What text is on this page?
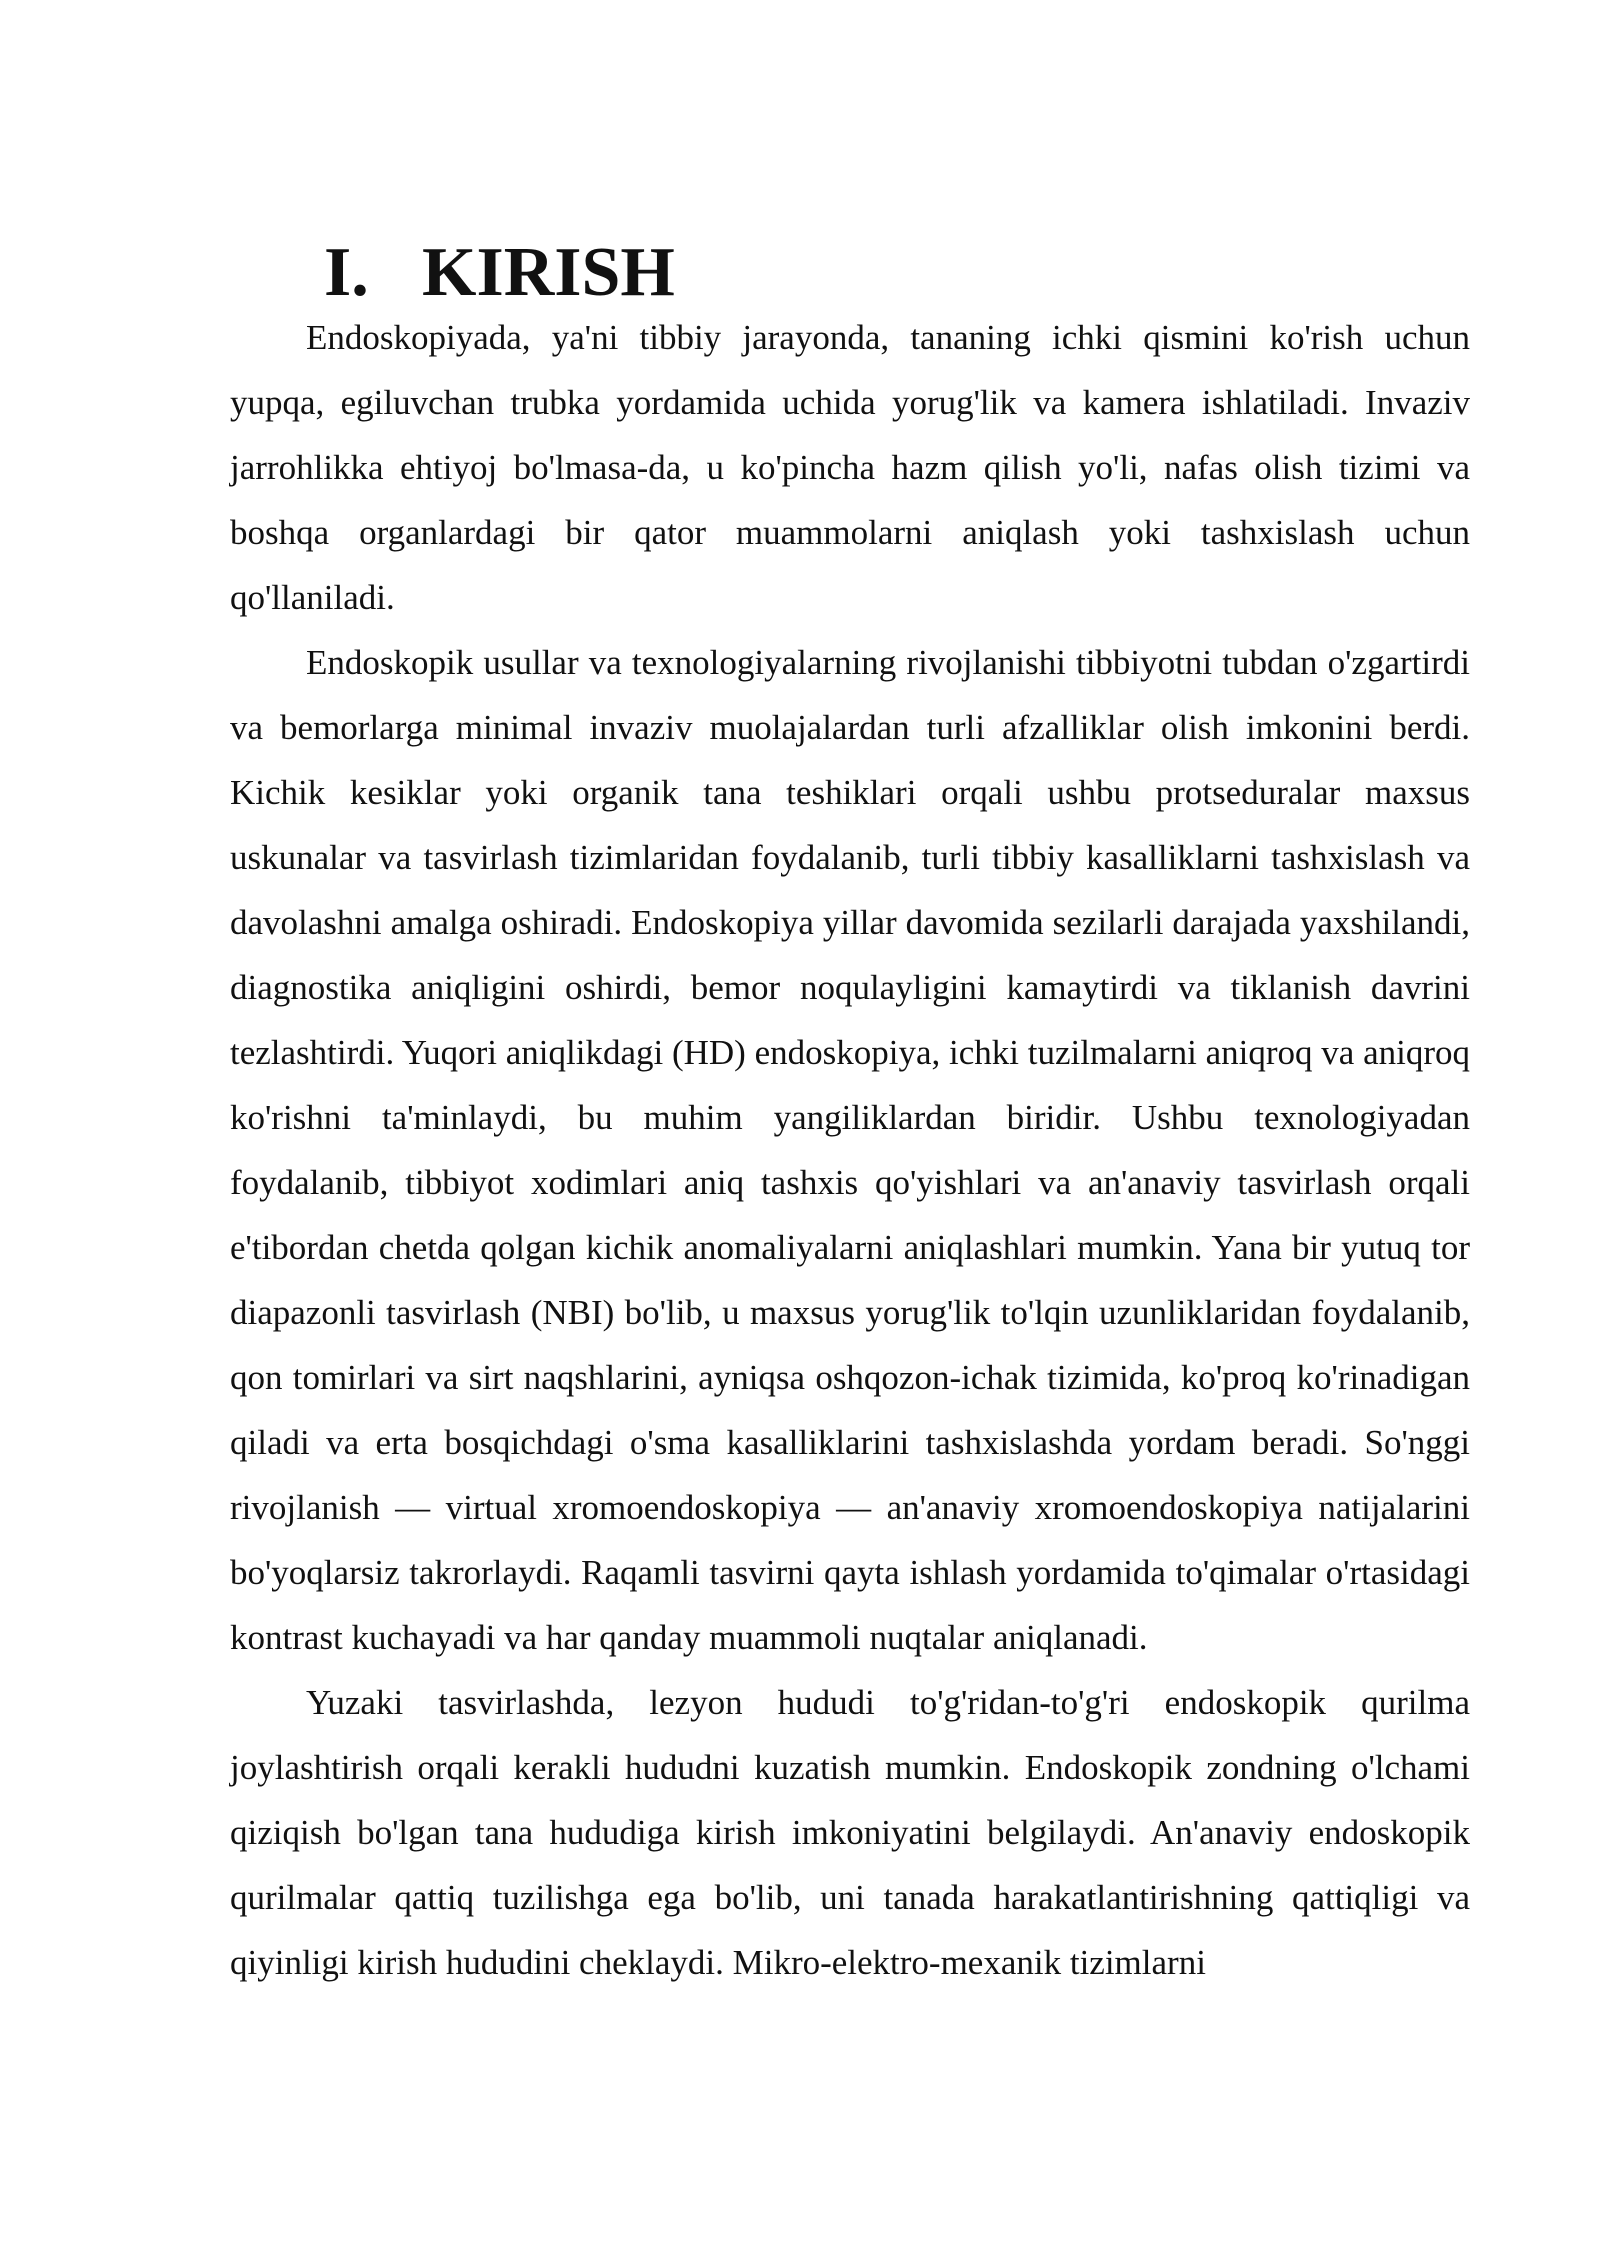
I. KIRISH

Endoskopiyada, ya'ni tibbiy jarayonda, tananing ichki qismini ko'rish uchun yupqa, egiluvchan trubka yordamida uchida yorug'lik va kamera ishlatiladi. Invaziv jarrohlikka ehtiyoj bo'lmasa-da, u ko'pincha hazm qilish yo'li, nafas olish tizimi va boshqa organlardagi bir qator muammolarni aniqlash yoki tashxislash uchun qo'llaniladi.

Endoskopik usullar va texnologiyalarning rivojlanishi tibbiyotni tubdan o'zgartirdi va bemorlarga minimal invaziv muolajalardan turli afzalliklar olish imkonini berdi. Kichik kesiklar yoki organik tana teshiklari orqali ushbu protseduralar maxsus uskunalar va tasvirlash tizimlaridan foydalanib, turli tibbiy kasalliklarni tashxislash va davolashni amalga oshiradi. Endoskopiya yillar davomida sezilarli darajada yaxshilandi, diagnostika aniqligini oshirdi, bemor noqulayligini kamaytirdi va tiklanish davrini tezlashtirdi. Yuqori aniqlikdagi (HD) endoskopiya, ichki tuzilmalarni aniqroq va aniqroq ko'rishni ta'minlaydi, bu muhim yangiliklardan biridir. Ushbu texnologiyadan foydalanib, tibbiyot xodimlari aniq tashxis qo'yishlari va an'anaviy tasvirlash orqali e'tibordan chetda qolgan kichik anomaliyalarni aniqlashlari mumkin. Yana bir yutuq tor diapazonli tasvirlash (NBI) bo'lib, u maxsus yorug'lik to'lqin uzunliklaridan foydalanib, qon tomirlari va sirt naqshlarini, ayniqsa oshqozon-ichak tizimida, ko'proq ko'rinadigan qiladi va erta bosqichdagi o'sma kasalliklarini tashxislashda yordam beradi. So'nggi rivojlanish — virtual xromoendoskopiya — an'anaviy xromoendoskopiya natijalarini bo'yoqlarsiz takrorlaydi. Raqamli tasvirni qayta ishlash yordamida to'qimalar o'rtasidagi kontrast kuchayadi va har qanday muammoli nuqtalar aniqlanadi.

Yuzaki tasvirlashda, lezyon hududi to'g'ridan-to'g'ri endoskopik qurilma joylashtirish orqali kerakli hududni kuzatish mumkin. Endoskopik zondning o'lchami qiziqish bo'lgan tana hududiga kirish imkoniyatini belgilaydi. An'anaviy endoskopik qurilmalar qattiq tuzilishga ega bo'lib, uni tanada harakatlantirishning qattiqligi va qiyinligi kirish hududini cheklaydi. Mikro-elektro-mexanik tizimlarni
